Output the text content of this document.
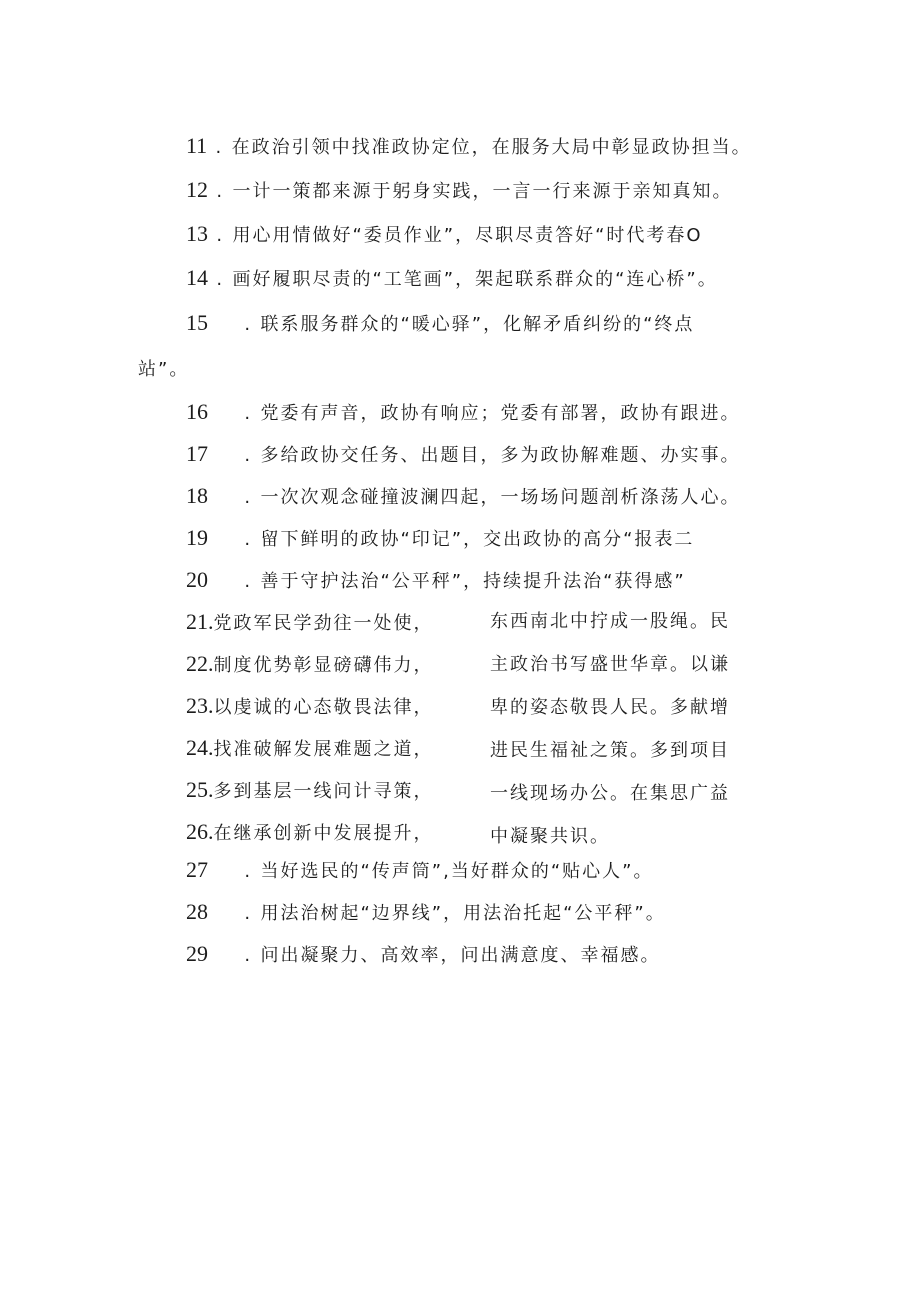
11 . 在政治引领中找准政协定位，在服务大局中彰显政协担当。
12 . 一计一策都来源于躬身实践，一言一行来源于亲知真知。
13 . 用心用情做好“委员作业”，尽职尽责答好“时代考春O
14 . 画好履职尽责的“工笔画”，架起联系群众的“连心桥”。
15 . 联系服务群众的“暖心驿”，化解矛盾纠纷的“终点
站”。
16 . 党委有声音，政协有响应；党委有部署，政协有跟进。
17 . 多给政协交任务、出题目，多为政协解难题、办实事。
18 . 一次次观念碰撞波澜四起，一场场问题剖析涤荡人心。
19 . 留下鲜明的政协“印记”，交出政协的高分“报表二
20 . 善于守护法治“公平秤”，持续提升法治“获得感”
21.党政军民学劲往一处使，	东西南北中拧成一股绳。民
22.制度优势彰显磅礴伟力，	主政治书写盛世华章。以谦
23.以虔诚的心态敬畏法律，	卑的姿态敬畏人民。多献增
24.找准破解发展难题之道，	进民生福祉之策。多到项目
25.多到基层一线问计寻策，	一线现场办公。在集思广益
26.在继承创新中发展提升，	中凝聚共识。
27 . 当好选民的“传声筒”,当好群众的“贴心人”。
28 . 用法治树起“边界线”，用法治托起“公平秤”。
29 . 问出凝聚力、高效率，问出满意度、幸福感。
